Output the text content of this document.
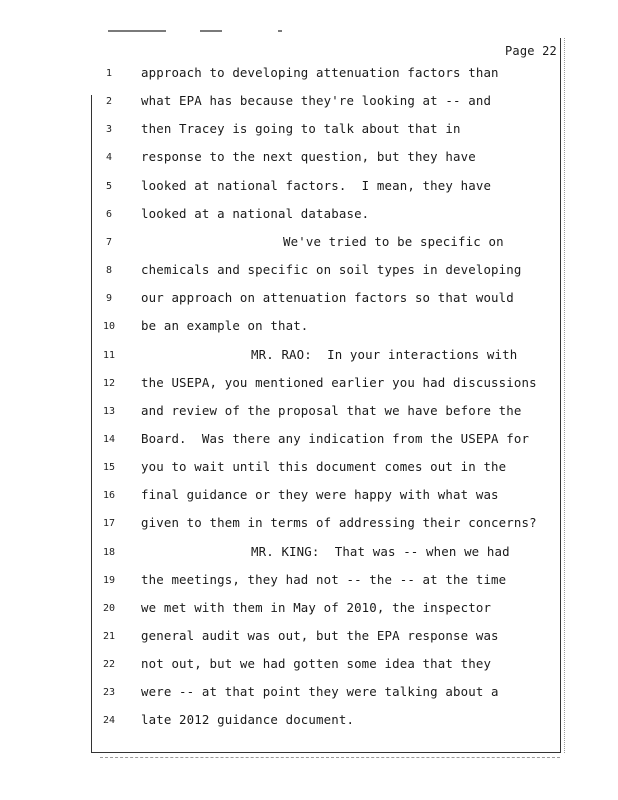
Page 22
1	approach to developing attenuation factors than
2	what EPA has because they're looking at -- and
3	then Tracey is going to talk about that in
4	response to the next question, but they have
5	looked at national factors.  I mean, they have
6	looked at a national database.
7	We've tried to be specific on
8	chemicals and specific on soil types in developing
9	our approach on attenuation factors so that would
10	be an example on that.
11	MR. RAO:  In your interactions with
12	the USEPA, you mentioned earlier you had discussions
13	and review of the proposal that we have before the
14	Board.  Was there any indication from the USEPA for
15	you to wait until this document comes out in the
16	final guidance or they were happy with what was
17	given to them in terms of addressing their concerns?
18	MR. KING:  That was -- when we had
19	the meetings, they had not -- the -- at the time
20	we met with them in May of 2010, the inspector
21	general audit was out, but the EPA response was
22	not out, but we had gotten some idea that they
23	were -- at that point they were talking about a
24	late 2012 guidance document.
